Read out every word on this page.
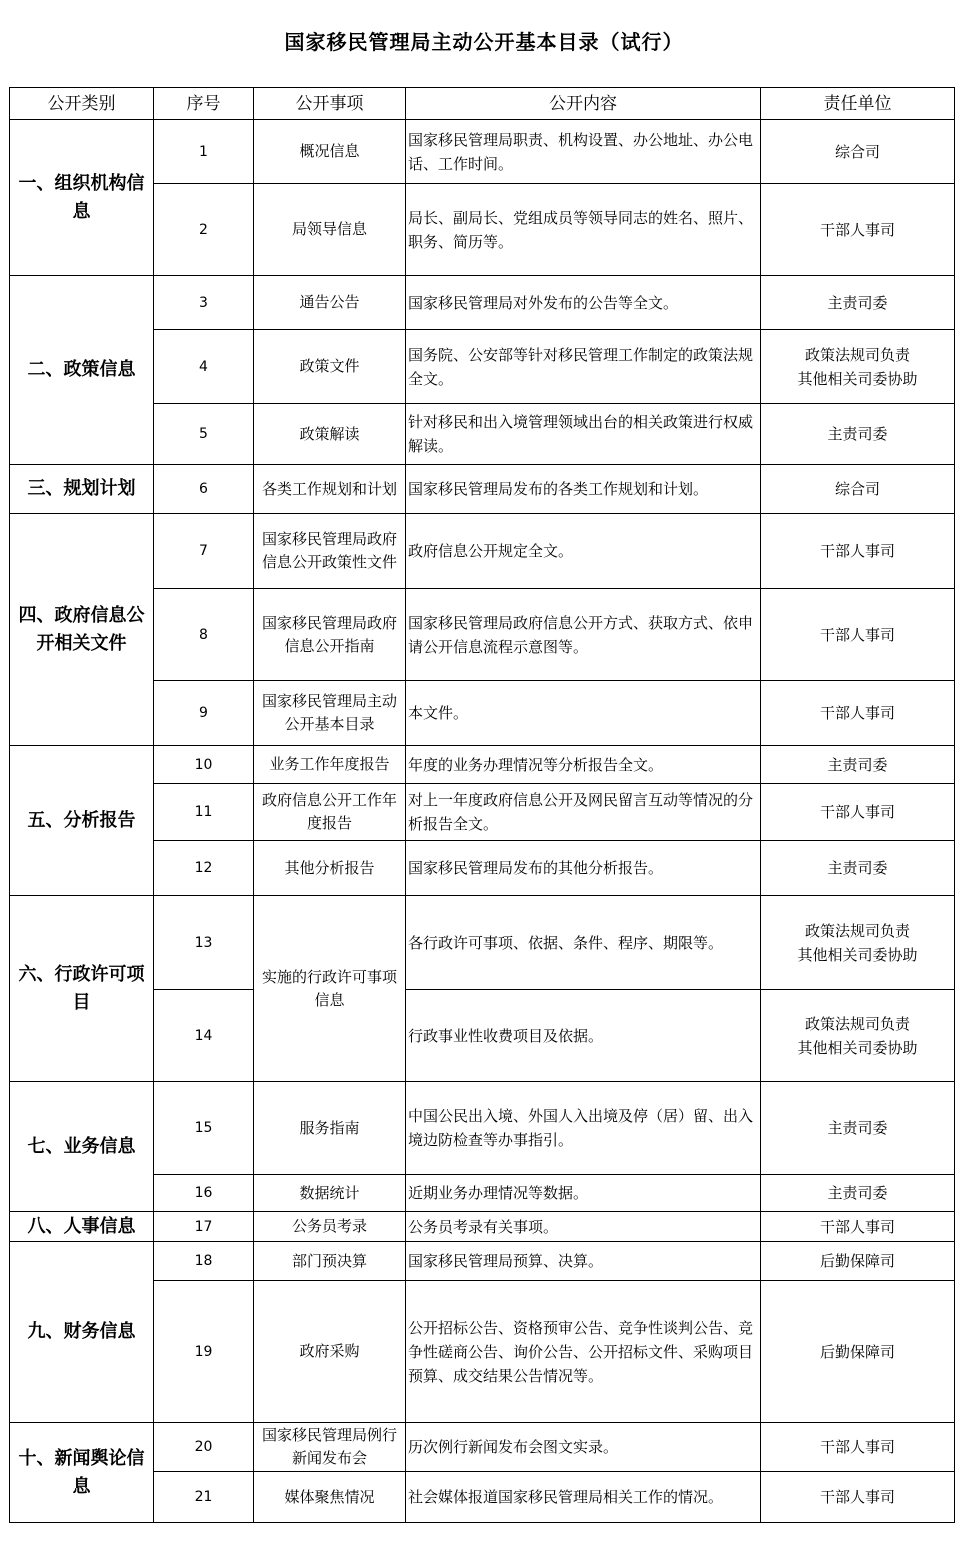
国家移民管理局主动公开基本目录（试行）
公开类别	序号	公开事项	公开内容	责任单位
一、组织机构信息	1	概况信息	国家移民管理局职责、机构设置、办公地址、办公电话、工作时间。	综合司
	2	局领导信息	局长、副局长、党组成员等领导同志的姓名、照片、职务、简历等。	干部人事司
二、政策信息	3	通告公告	国家移民管理局对外发布的公告等全文。	主责司委
	4	政策文件	国务院、公安部等针对移民管理工作制定的政策法规全文。	政策法规司负责
其他相关司委协助
	5	政策解读	针对移民和出入境管理领域出台的相关政策进行权威解读。	主责司委
三、规划计划	6	各类工作规划和计划	国家移民管理局发布的各类工作规划和计划。	综合司
四、政府信息公开相关文件	7	国家移民管理局政府信息公开政策性文件	政府信息公开规定全文。	干部人事司
	8	国家移民管理局政府信息公开指南	国家移民管理局政府信息公开方式、获取方式、依申请公开信息流程示意图等。	干部人事司
	9	国家移民管理局主动公开基本目录	本文件。	干部人事司
五、分析报告	10	业务工作年度报告	年度的业务办理情况等分析报告全文。	主责司委
	11	政府信息公开工作年度报告	对上一年度政府信息公开及网民留言互动等情况的分析报告全文。	干部人事司
	12	其他分析报告	国家移民管理局发布的其他分析报告。	主责司委
六、行政许可项目	13	实施的行政许可事项信息	各行政许可事项、依据、条件、程序、期限等。	政策法规司负责
其他相关司委协助
	14		行政事业性收费项目及依据。	政策法规司负责
其他相关司委协助
七、业务信息	15	服务指南	中国公民出入境、外国人入出境及停（居）留、出入境边防检查等办事指引。	主责司委
	16	数据统计	近期业务办理情况等数据。	主责司委
八、人事信息	17	公务员考录	公务员考录有关事项。	干部人事司
九、财务信息	18	部门预决算	国家移民管理局预算、决算。	后勤保障司
	19	政府采购	公开招标公告、资格预审公告、竞争性谈判公告、竞争性磋商公告、询价公告、公开招标文件、采购项目预算、成交结果公告情况等。	后勤保障司
十、新闻舆论信息	20	国家移民管理局例行新闻发布会	历次例行新闻发布会图文实录。	干部人事司
	21	媒体聚焦情况	社会媒体报道国家移民管理局相关工作的情况。	干部人事司
